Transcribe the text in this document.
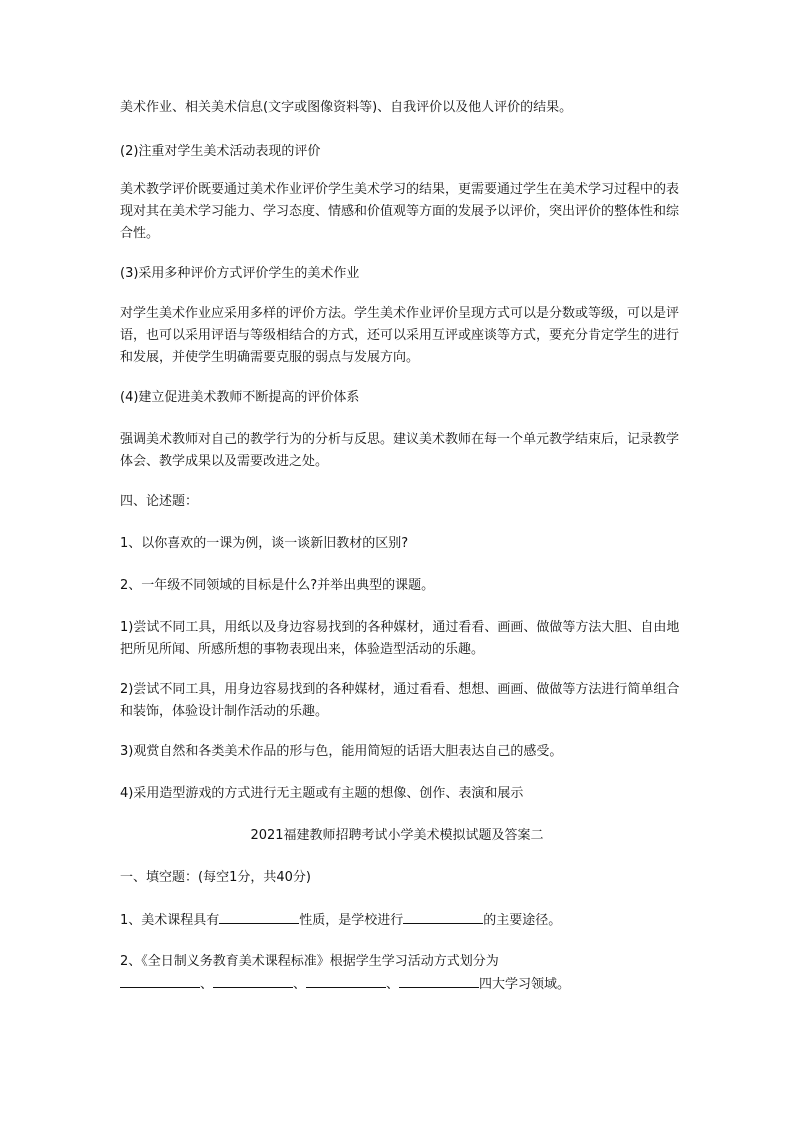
美术作业、相关美术信息(文字或图像资料等)、自我评价以及他人评价的结果。
(2)注重对学生美术活动表现的评价
美术教学评价既要通过美术作业评价学生美术学习的结果，更需要通过学生在美术学习过程中的表现对其在美术学习能力、学习态度、情感和价值观等方面的发展予以评价，突出评价的整体性和综合性。
(3)采用多种评价方式评价学生的美术作业
对学生美术作业应采用多样的评价方法。学生美术作业评价呈现方式可以是分数或等级，可以是评语，也可以采用评语与等级相结合的方式，还可以采用互评或座谈等方式，要充分肯定学生的进行和发展，并使学生明确需要克服的弱点与发展方向。
(4)建立促进美术教师不断提高的评价体系
强调美术教师对自己的教学行为的分析与反思。建议美术教师在每一个单元教学结束后，记录教学体会、教学成果以及需要改进之处。
四、论述题：
1、以你喜欢的一课为例，谈一谈新旧教材的区别?
2、一年级不同领域的目标是什么?并举出典型的课题。
1)尝试不同工具，用纸以及身边容易找到的各种媒材，通过看看、画画、做做等方法大胆、自由地把所见所闻、所感所想的事物表现出来，体验造型活动的乐趣。
2)尝试不同工具，用身边容易找到的各种媒材，通过看看、想想、画画、做做等方法进行简单组合和装饰，体验设计制作活动的乐趣。
3)观赏自然和各类美术作品的形与色，能用简短的话语大胆表达自己的感受。
4)采用造型游戏的方式进行无主题或有主题的想像、创作、表演和展示
2021福建教师招聘考试小学美术模拟试题及答案二
一、填空题：(每空1分，共40分)
1、美术课程具有	性质，是学校进行	的主要途径。
2、《全日制义务教育美术课程标准》根据学生学习活动方式划分为
、	、	、	四大学习领域。
